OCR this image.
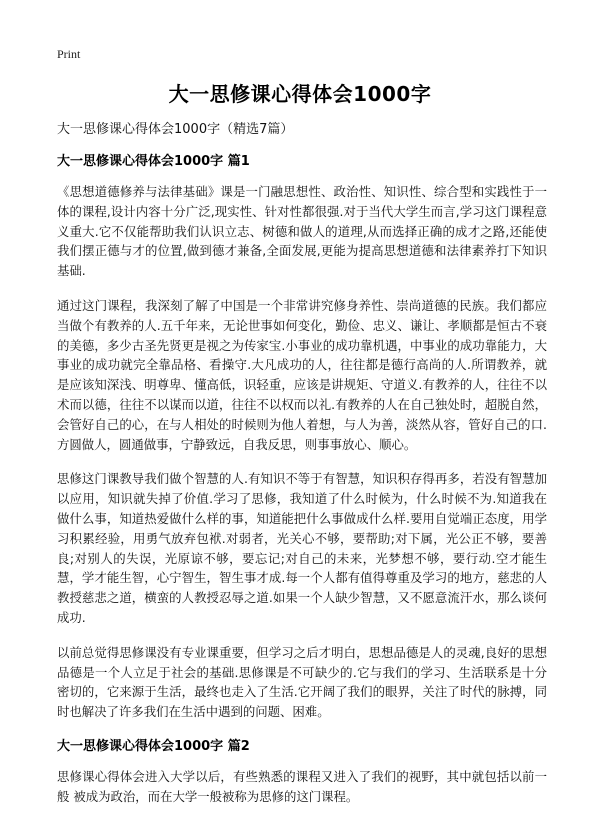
Print
大一思修课心得体会1000字
大一思修课心得体会1000字（精选7篇）
大一思修课心得体会1000字 篇1

《思想道德修养与法律基础》课是一门融思想性、政治性、知识性、综合型和实践性于一体的课程,设计内容十分广泛,现实性、针对性都很强.对于当代大学生而言,学习这门课程意义重大.它不仅能帮助我们认识立志、树德和做人的道理,从而选择正确的成才之路,还能使我们摆正德与才的位置,做到德才兼备,全面发展,更能为提高思想道德和法律素养打下知识基础.

通过这门课程，我深刻了解了中国是一个非常讲究修身养性、崇尚道德的民族。我们都应当做个有教养的人.五千年来，无论世事如何变化，勤俭、忠义、谦让、孝顺都是恒古不衰的美德，多少古圣先贤更是视之为传家宝.小事业的成功靠机遇，中事业的成功靠能力，大事业的成功就完全靠品格、看操守.大凡成功的人，往往都是德行高尚的人.所谓教养，就是应该知深浅、明尊卑、懂高低，识轻重，应该是讲规矩、守道义.有教养的人，往往不以术而以德，往往不以谋而以道，往往不以权而以礼.有教养的人在自己独处时，超脱自然，会管好自己的心，在与人相处的时候则为他人着想，与人为善，淡然从容，管好自己的口.方圆做人，圆通做事，宁静致远，自我反思，则事事放心、顺心。

思修这门课教导我们做个智慧的人.有知识不等于有智慧，知识积存得再多，若没有智慧加以应用，知识就失掉了价值.学习了思修，我知道了什么时候为，什么时候不为.知道我在做什么事，知道热爱做什么样的事，知道能把什么事做成什么样.要用自觉端正态度，用学习积累经验，用勇气放弃包袱.对弱者，光关心不够，要帮助;对下属，光公正不够，要善良;对别人的失误，光原谅不够，要忘记;对自己的未来，光梦想不够，要行动.空才能生慧，学才能生智，心宁智生，智生事才成.每一个人都有值得尊重及学习的地方，慈悲的人教授慈悲之道，横蛮的人教授忍辱之道.如果一个人缺少智慧，又不愿意流汗水，那么谈何成功.

以前总觉得思修课没有专业课重要，但学习之后才明白，思想品德是人的灵魂,良好的思想品德是一个人立足于社会的基础.思修课是不可缺少的.它与我们的学习、生活联系是十分密切的，它来源于生活，最终也走入了生活.它开阔了我们的眼界，关注了时代的脉搏，同时也解决了许多我们在生活中遇到的问题、困难。

大一思修课心得体会1000字 篇2

思修课心得体会进入大学以后，有些熟悉的课程又进入了我们的视野，其中就包括以前一般 被成为政治，而在大学一般被称为思修的这门课程。
